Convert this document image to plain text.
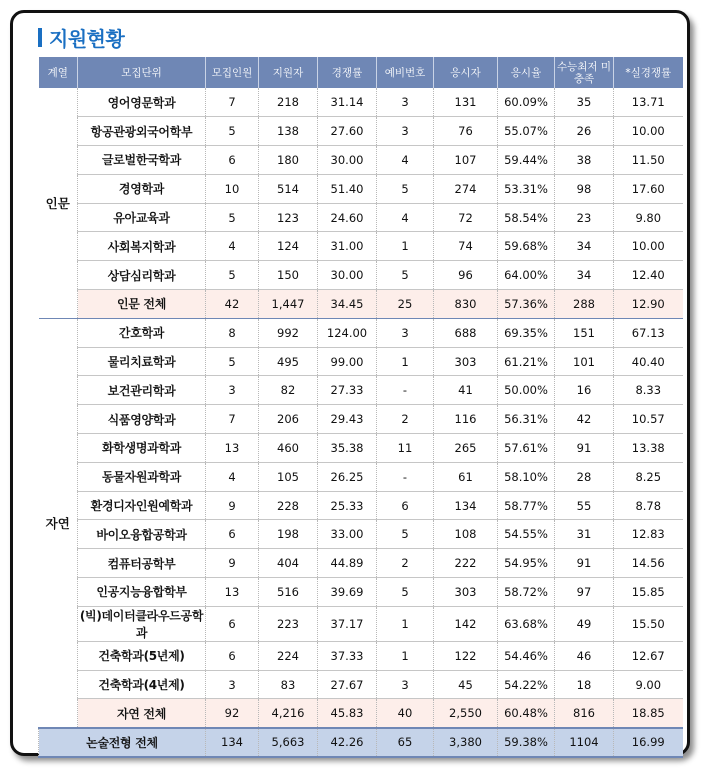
지원현황
계열	모집단위	모집인원	지원자	경쟁률	예비번호	응시자	응시율	수능최저 미충족	*실경쟁률
인문	영어영문학과	7	218	31.14	3	131	60.09%	35	13.71
	항공관광외국어학부	5	138	27.60	3	76	55.07%	26	10.00
	글로벌한국학과	6	180	30.00	4	107	59.44%	38	11.50
	경영학과	10	514	51.40	5	274	53.31%	98	17.60
	유아교육과	5	123	24.60	4	72	58.54%	23	9.80
	사회복지학과	4	124	31.00	1	74	59.68%	34	10.00
	상담심리학과	5	150	30.00	5	96	64.00%	34	12.40
	인문 전체	42	1,447	34.45	25	830	57.36%	288	12.90
자연	간호학과	8	992	124.00	3	688	69.35%	151	67.13
	물리치료학과	5	495	99.00	1	303	61.21%	101	40.40
	보건관리학과	3	82	27.33	-	41	50.00%	16	8.33
	식품영양학과	7	206	29.43	2	116	56.31%	42	10.57
	화학생명과학과	13	460	35.38	11	265	57.61%	91	13.38
	동물자원과학과	4	105	26.25	-	61	58.10%	28	8.25
	환경디자인원예학과	9	228	25.33	6	134	58.77%	55	8.78
	바이오융합공학과	6	198	33.00	5	108	54.55%	31	12.83
	컴퓨터공학부	9	404	44.89	2	222	54.95%	91	14.56
	인공지능융합학부	13	516	39.69	5	303	58.72%	97	15.85
	(빅)데이터클라우드공학과	6	223	37.17	1	142	63.68%	49	15.50
	건축학과(5년제)	6	224	37.33	1	122	54.46%	46	12.67
	건축학과(4년제)	3	83	27.67	3	45	54.22%	18	9.00
	자연 전체	92	4,216	45.83	40	2,550	60.48%	816	18.85
논술전형 전체		134	5,663	42.26	65	3,380	59.38%	1104	16.99
